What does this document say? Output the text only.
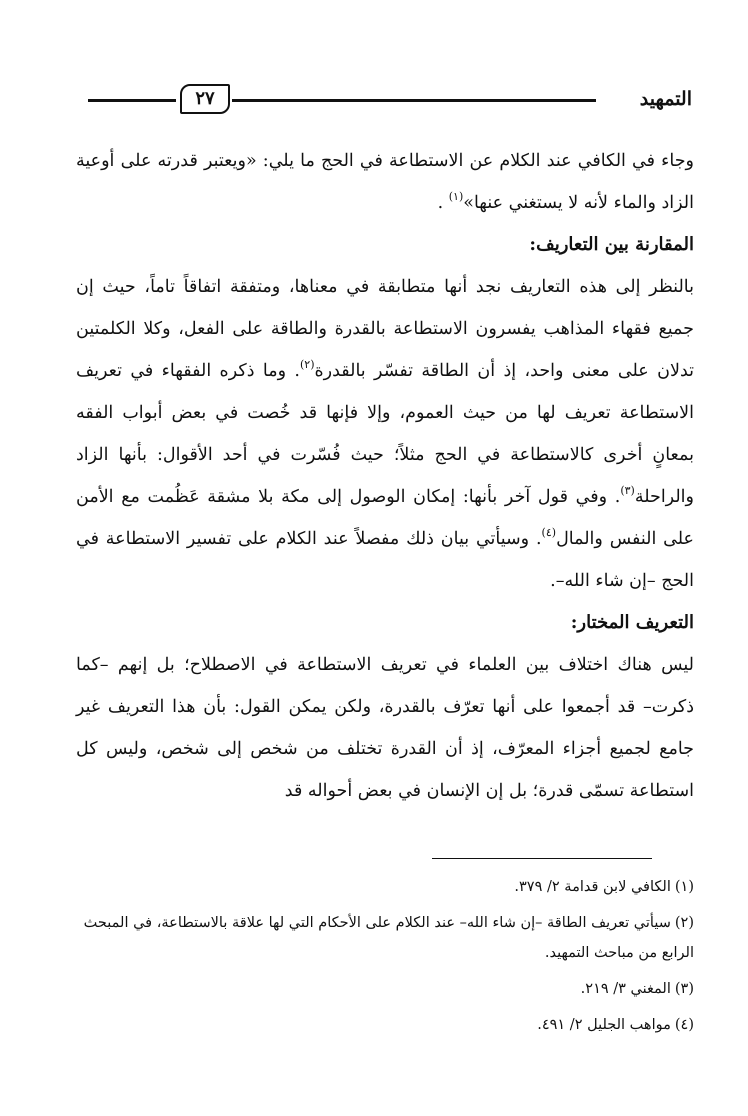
التمهيد
٢٧

وجاء في الكافي عند الكلام عن الاستطاعة في الحج ما يلي: «ويعتبر قدرته على أوعية الزاد والماء لأنه لا يستغني عنها»$^{(١)}$ .

المقارنة بين التعاريف:

بالنظر إلى هذه التعاريف نجد أنها متطابقة في معناها، ومتفقة اتفاقاً تاماً، حيث إن جميع فقهاء المذاهب يفسرون الاستطاعة بالقدرة والطاقة على الفعل، وكلا الكلمتين تدلان على معنى واحد، إذ أن الطاقة تفسّر بالقدرة$^{(٢)}$. وما ذكره الفقهاء في تعريف الاستطاعة تعريف لها من حيث العموم، وإلا فإنها قد خُصت في بعض أبواب الفقه بمعانٍ أخرى كالاستطاعة في الحج مثلاً؛ حيث فُسّرت في أحد الأقوال: بأنها الزاد والراحلة$^{(٣)}$. وفي قول آخر بأنها: إمكان الوصول إلى مكة بلا مشقة عَظُمت مع الأمن على النفس والمال$^{(٤)}$. وسيأتي بيان ذلك مفصلاً عند الكلام على تفسير الاستطاعة في الحج –إن شاء الله–.

التعريف المختار:

ليس هناك اختلاف بين العلماء في تعريف الاستطاعة في الاصطلاح؛ بل إنهم –كما ذكرت– قد أجمعوا على أنها تعرّف بالقدرة، ولكن يمكن القول: بأن هذا التعريف غير جامع لجميع أجزاء المعرّف، إذ أن القدرة تختلف من شخص إلى شخص، وليس كل استطاعة تسمّى قدرة؛ بل إن الإنسان في بعض أحواله قد

(١)الكافي لابن قدامة ٢/ ٣٧٩.

(٢)سيأتي تعريف الطاقة –إن شاء الله– عند الكلام على الأحكام التي لها علاقة بالاستطاعة، في المبحث الرابع من مباحث التمهيد.

(٣)المغني ٣/ ٢١٩.

(٤)مواهب الجليل ٢/ ٤٩١.
